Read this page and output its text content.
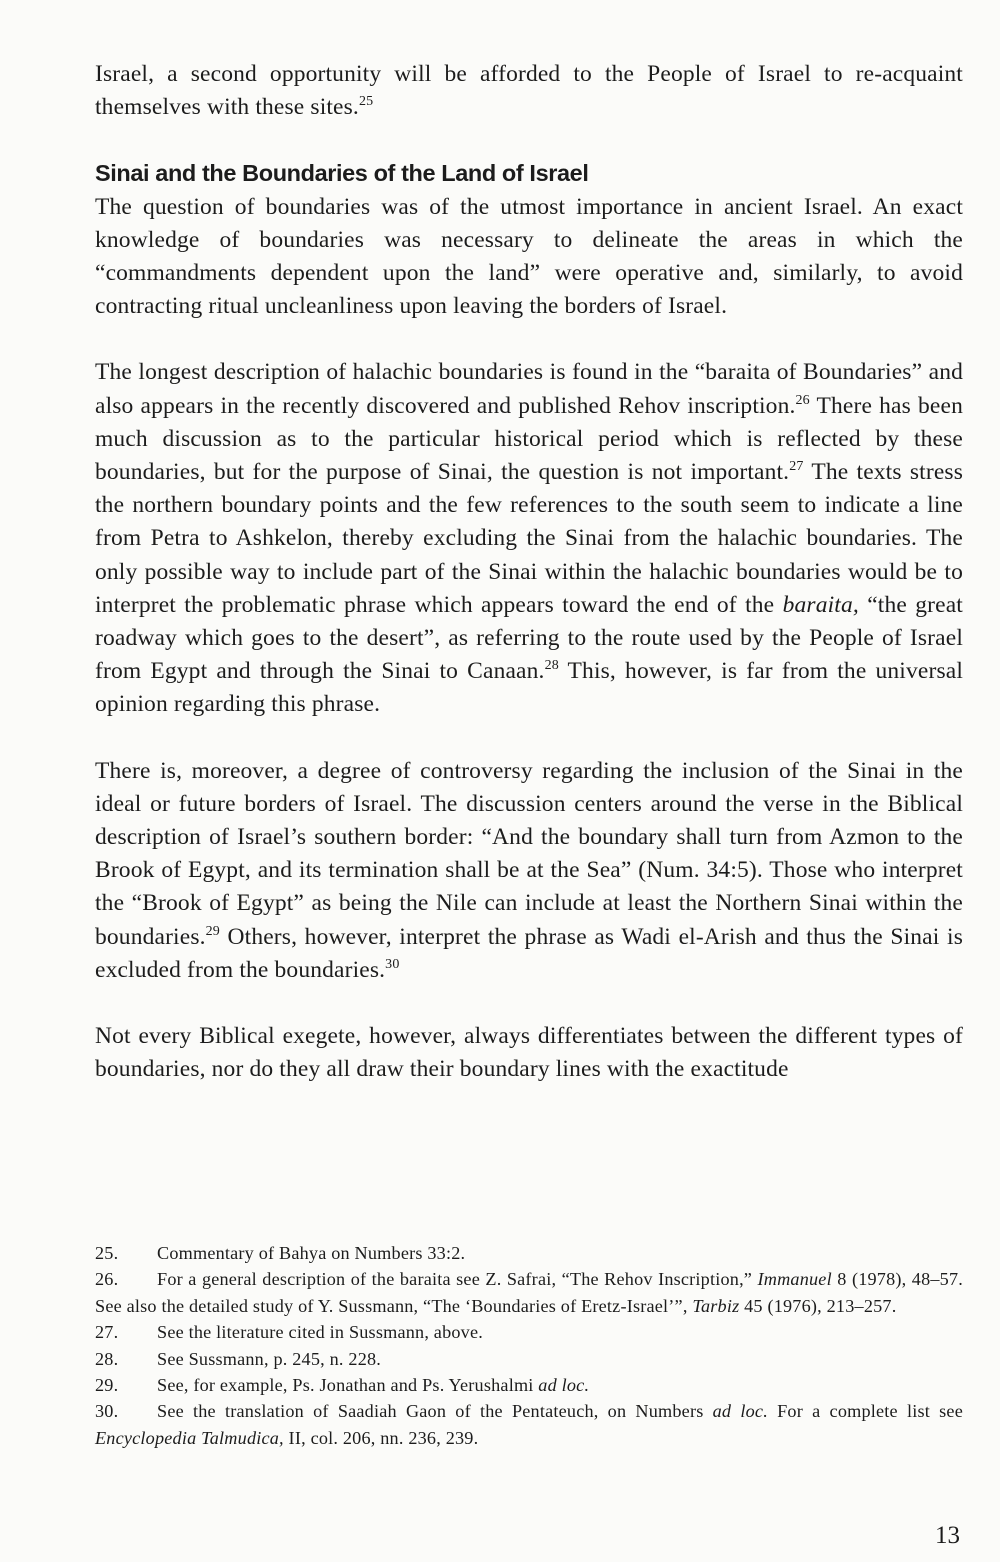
Israel, a second opportunity will be afforded to the People of Israel to re-acquaint themselves with these sites.$^{25}$

Sinai and the Boundaries of the Land of Israel

The question of boundaries was of the utmost importance in ancient Israel. An exact knowledge of boundaries was necessary to delineate the areas in which the “commandments dependent upon the land” were operative and, similarly, to avoid contracting ritual uncleanliness upon leaving the borders of Israel.

The longest description of halachic boundaries is found in the “baraita of Boundaries” and also appears in the recently discovered and published Rehov inscription.$^{26}$ There has been much discussion as to the particular historical period which is reflected by these boundaries, but for the purpose of Sinai, the question is not important.$^{27}$ The texts stress the northern boundary points and the few references to the south seem to indicate a line from Petra to Ashkelon, thereby excluding the Sinai from the halachic boundaries. The only possible way to include part of the Sinai within the halachic boundaries would be to interpret the problematic phrase which appears toward the end of the baraita, “the great roadway which goes to the desert”, as referring to the route used by the People of Israel from Egypt and through the Sinai to Canaan.$^{28}$ This, however, is far from the universal opinion regarding this phrase.

There is, moreover, a degree of controversy regarding the inclusion of the Sinai in the ideal or future borders of Israel. The discussion centers around the verse in the Biblical description of Israel’s southern border: “And the boundary shall turn from Azmon to the Brook of Egypt, and its termination shall be at the Sea” (Num. 34:5). Those who interpret the “Brook of Egypt” as being the Nile can include at least the Northern Sinai within the boundaries.$^{29}$ Others, however, interpret the phrase as Wadi el-Arish and thus the Sinai is excluded from the boundaries.$^{30}$

Not every Biblical exegete, however, always differentiates between the different types of boundaries, nor do they all draw their boundary lines with the exactitude

25. Commentary of Bahya on Numbers 33:2.

26. For a general description of the baraita see Z. Safrai, “The Rehov Inscription,” Immanuel 8 (1978), 48–57. See also the detailed study of Y. Sussmann, “The ‘Boundaries of Eretz-Israel’”, Tarbiz 45 (1976), 213–257.

27. See the literature cited in Sussmann, above.

28. See Sussmann, p. 245, n. 228.

29. See, for example, Ps. Jonathan and Ps. Yerushalmi ad loc.

30. See the translation of Saadiah Gaon of the Pentateuch, on Numbers ad loc. For a complete list see Encyclopedia Talmudica, II, col. 206, nn. 236, 239.

13
